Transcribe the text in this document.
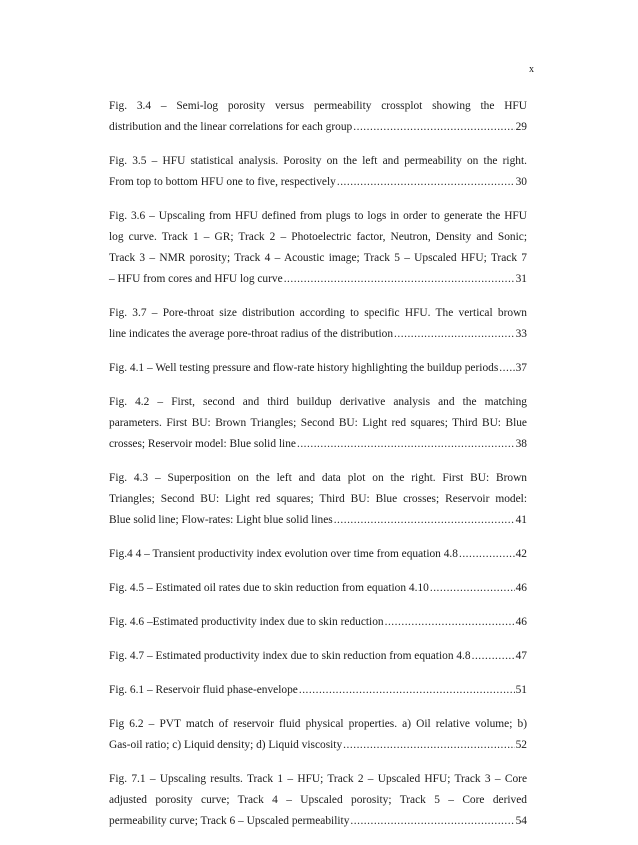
x
Fig. 3.4 – Semi-log porosity versus permeability crossplot showing the HFU
distribution and the linear correlations for each group .....	29
Fig. 3.5 – HFU statistical analysis. Porosity on the left and permeability on the right.
From top to bottom HFU one to five, respectively .....	30
Fig. 3.6 – Upscaling from HFU defined from plugs to logs in order to generate the HFU
log curve. Track 1 – GR; Track 2 – Photoelectric factor, Neutron, Density and Sonic;
Track 3 – NMR porosity; Track 4 – Acoustic image; Track 5 – Upscaled HFU; Track 7
– HFU from cores and HFU log curve .....	31
Fig. 3.7 – Pore-throat size distribution according to specific HFU. The vertical brown
line indicates the average pore-throat radius of the distribution .....	33
Fig. 4.1 – Well testing pressure and flow-rate history highlighting the buildup periods ..... 37
Fig. 4.2 – First, second and third buildup derivative analysis and the matching
parameters. First BU: Brown Triangles; Second BU: Light red squares; Third BU: Blue
crosses; Reservoir model: Blue solid line .....	38
Fig. 4.3 – Superposition on the left and data plot on the right. First BU: Brown
Triangles; Second BU: Light red squares; Third BU: Blue crosses; Reservoir model:
Blue solid line; Flow-rates: Light blue solid lines .....	41
Fig.4 4 – Transient productivity index evolution over time from equation 4.8 .....	42
Fig. 4.5 – Estimated oil rates due to skin reduction from equation 4.10 .....	46
Fig. 4.6 –Estimated productivity index due to skin reduction .....	46
Fig. 4.7 – Estimated productivity index due to skin reduction from equation 4.8 .....	47
Fig. 6.1 – Reservoir fluid phase-envelope .....	51
Fig 6.2 – PVT match of reservoir fluid physical properties. a) Oil relative volume; b)
Gas-oil ratio; c) Liquid density; d) Liquid viscosity .....	52
Fig. 7.1 – Upscaling results. Track 1 – HFU; Track 2 – Upscaled HFU; Track 3 – Core
adjusted porosity curve; Track 4 – Upscaled porosity; Track 5 – Core derived
permeability curve; Track 6 – Upscaled permeability .....	54
